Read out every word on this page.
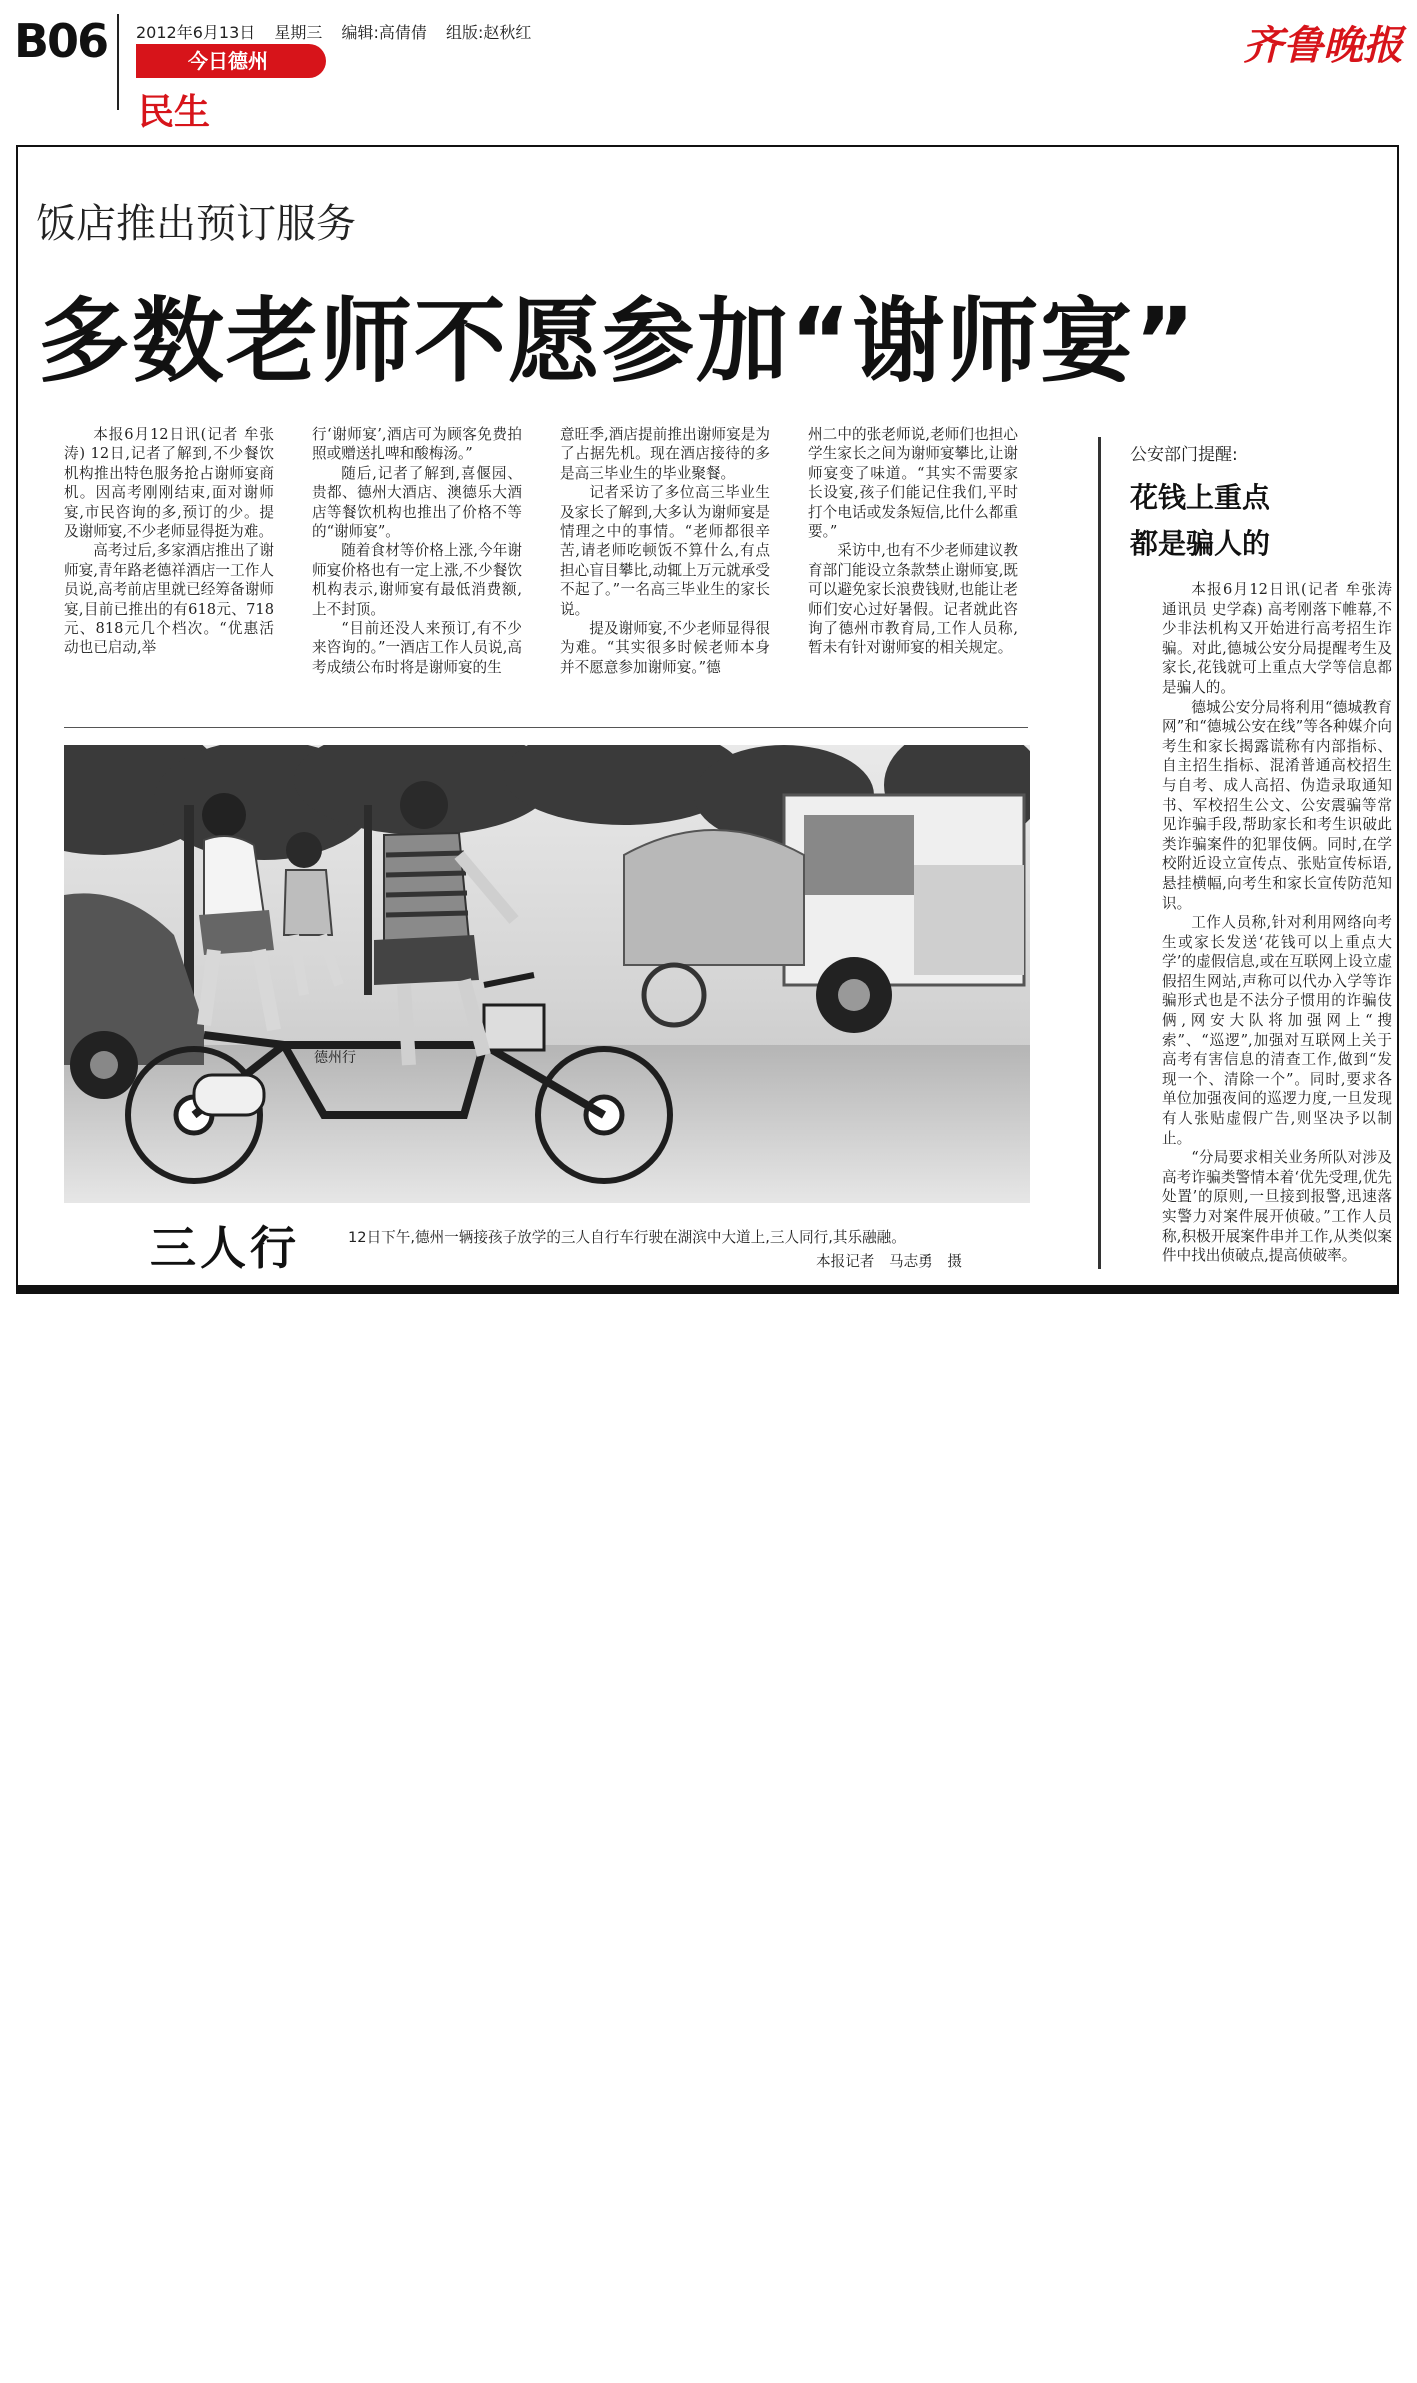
B06 2012年6月13日 星期三 编辑:高倩倩 组版:赵秋红
今日德州
民生
齐鲁晚报
饭店推出预订服务
多数老师不愿参加“谢师宴”

本报6月12日讯(记者 牟张涛) 12日,记者了解到,不少餐饮机构推出特色服务抢占谢师宴商机。因高考刚刚结束,面对谢师宴,市民咨询的多,预订的少。提及谢师宴,不少老师显得挺为难。

高考过后,多家酒店推出了谢师宴,青年路老德祥酒店一工作人员说,高考前店里就已经筹备谢师宴,目前已推出的有618元、718元、818元几个档次。“优惠活动也已启动,举

行‘谢师宴’,酒店可为顾客免费拍照或赠送扎啤和酸梅汤。”

随后,记者了解到,喜偃园、贵都、德州大酒店、澳德乐大酒店等餐饮机构也推出了价格不等的“谢师宴”。

随着食材等价格上涨,今年谢师宴价格也有一定上涨,不少餐饮机构表示,谢师宴有最低消费额,上不封顶。

“目前还没人来预订,有不少来咨询的。”一酒店工作人员说,高考成绩公布时将是谢师宴的生

意旺季,酒店提前推出谢师宴是为了占据先机。现在酒店接待的多是高三毕业生的毕业聚餐。

记者采访了多位高三毕业生及家长了解到,大多认为谢师宴是情理之中的事情。“老师都很辛苦,请老师吃顿饭不算什么,有点担心盲目攀比,动辄上万元就承受不起了。”一名高三毕业生的家长说。

提及谢师宴,不少老师显得很为难。“其实很多时候老师本身并不愿意参加谢师宴。”德

州二中的张老师说,老师们也担心学生家长之间为谢师宴攀比,让谢师宴变了味道。“其实不需要家长设宴,孩子们能记住我们,平时打个电话或发条短信,比什么都重要。”

采访中,也有不少老师建议教育部门能设立条款禁止谢师宴,既可以避免家长浪费钱财,也能让老师们安心过好暑假。记者就此咨询了德州市教育局,工作人员称,暂未有针对谢师宴的相关规定。

德州行
三人行	12日下午,德州一辆接孩子放学的三人自行车行驶在湖滨中大道上,三人同行,其乐融融。
本报记者　马志勇　摄
公安部门提醒:
花钱上重点
都是骗人的

本报6月12日讯(记者 牟张涛 通讯员 史学森) 高考刚落下帷幕,不少非法机构又开始进行高考招生诈骗。对此,德城公安分局提醒考生及家长,花钱就可上重点大学等信息都是骗人的。

德城公安分局将利用“德城教育网”和“德城公安在线”等各种媒介向考生和家长揭露谎称有内部指标、自主招生指标、混淆普通高校招生与自考、成人高招、伪造录取通知书、军校招生公文、公安震骗等常见诈骗手段,帮助家长和考生识破此类诈骗案件的犯罪伎俩。同时,在学校附近设立宣传点、张贴宣传标语,悬挂横幅,向考生和家长宣传防范知识。

工作人员称,针对利用网络向考生或家长发送‘花钱可以上重点大学’的虚假信息,或在互联网上设立虚假招生网站,声称可以代办入学等诈骗形式也是不法分子惯用的诈骗伎俩,网安大队将加强网上“搜索”、“巡逻”,加强对互联网上关于高考有害信息的清查工作,做到“发现一个、清除一个”。同时,要求各单位加强夜间的巡逻力度,一旦发现有人张贴虚假广告,则坚决予以制止。

“分局要求相关业务所队对涉及高考诈骗类警情本着‘优先受理,优先处置’的原则,一旦接到报警,迅速落实警力对案件展开侦破。”工作人员称,积极开展案件串并工作,从类似案件中找出侦破点,提高侦破率。
